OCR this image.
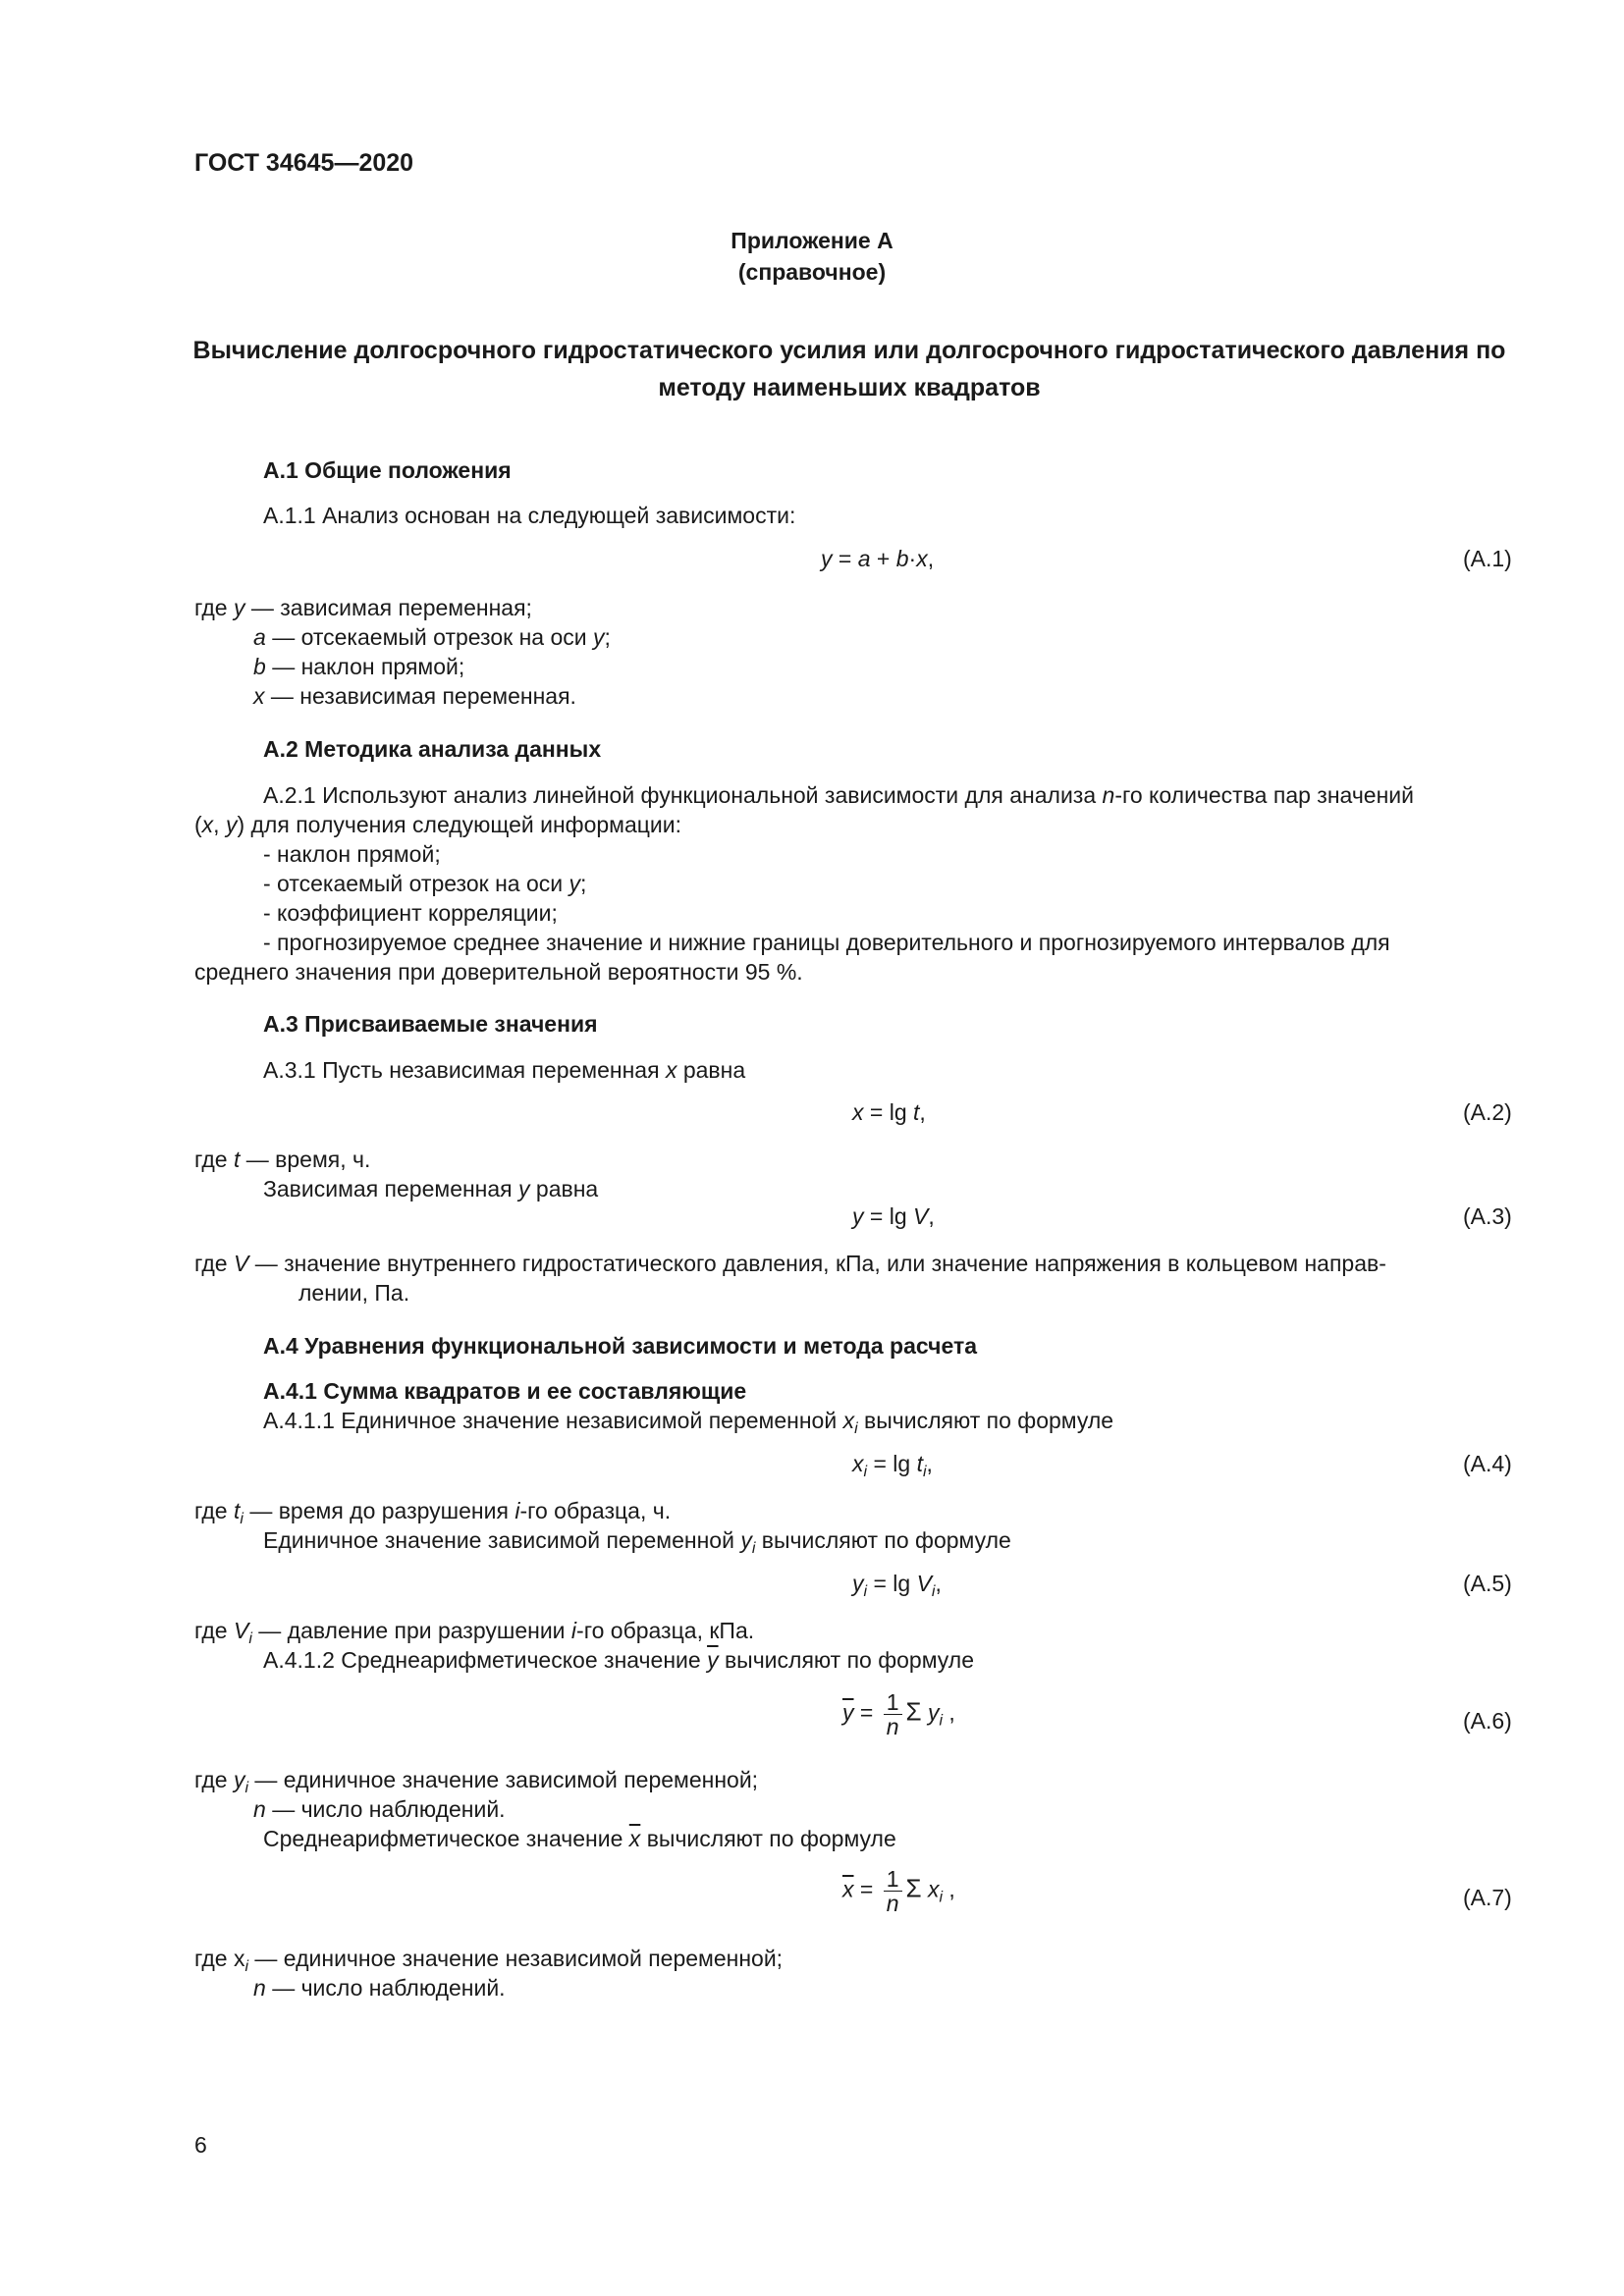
ГОСТ 34645—2020
Приложение А
(справочное)
Вычисление долгосрочного гидростатического усилия или долгосрочного гидростатического давления по методу наименьших квадратов
А.1 Общие положения
А.1.1 Анализ основан на следующей зависимости:
y = a + b·x,	(А.1)
где y — зависимая переменная;
a — отсекаемый отрезок на оси y;
b — наклон прямой;
x — независимая переменная.
А.2 Методика анализа данных
А.2.1 Используют анализ линейной функциональной зависимости для анализа n-го количества пар значений
(x, y) для получения следующей информации:
- наклон прямой;
- отсекаемый отрезок на оси y;
- коэффициент корреляции;
- прогнозируемое среднее значение и нижние границы доверительного и прогнозируемого интервалов для
среднего значения при доверительной вероятности 95 %.
А.3 Присваиваемые значения
А.3.1 Пусть независимая переменная x равна
x = lg t,	(А.2)
где t — время, ч.
Зависимая переменная y равна
y = lg V,	(А.3)
где V — значение внутреннего гидростатического давления, кПа, или значение напряжения в кольцевом направ-
лении, Па.
А.4 Уравнения функциональной зависимости и метода расчета
А.4.1 Сумма квадратов и ее составляющие
А.4.1.1 Единичное значение независимой переменной $x_i$ вычисляют по формуле
$x_i = \lg t_i$,	(А.4)
где $t_i$ — время до разрушения i-го образца, ч.
Единичное значение зависимой переменной $y_i$ вычисляют по формуле
$y_i = \lg V_i$,	(А.5)
где $V_i$ — давление при разрушении i-го образца, кПа.
А.4.1.2 Среднеарифметическое значение $\overline{y}$ вычисляют по формуле
$\overline{y} = \frac{1}{n}$ Σ $y_i$ ,	(А.6)
где $y_i$ — единичное значение зависимой переменной;
n — число наблюдений.
Среднеарифметическое значение $\overline{x}$ вычисляют по формуле
$\overline{x} = \frac{1}{n}$ Σ $x_i$ ,	(А.7)
где $x_i$ — единичное значение независимой переменной;
n — число наблюдений.
6
